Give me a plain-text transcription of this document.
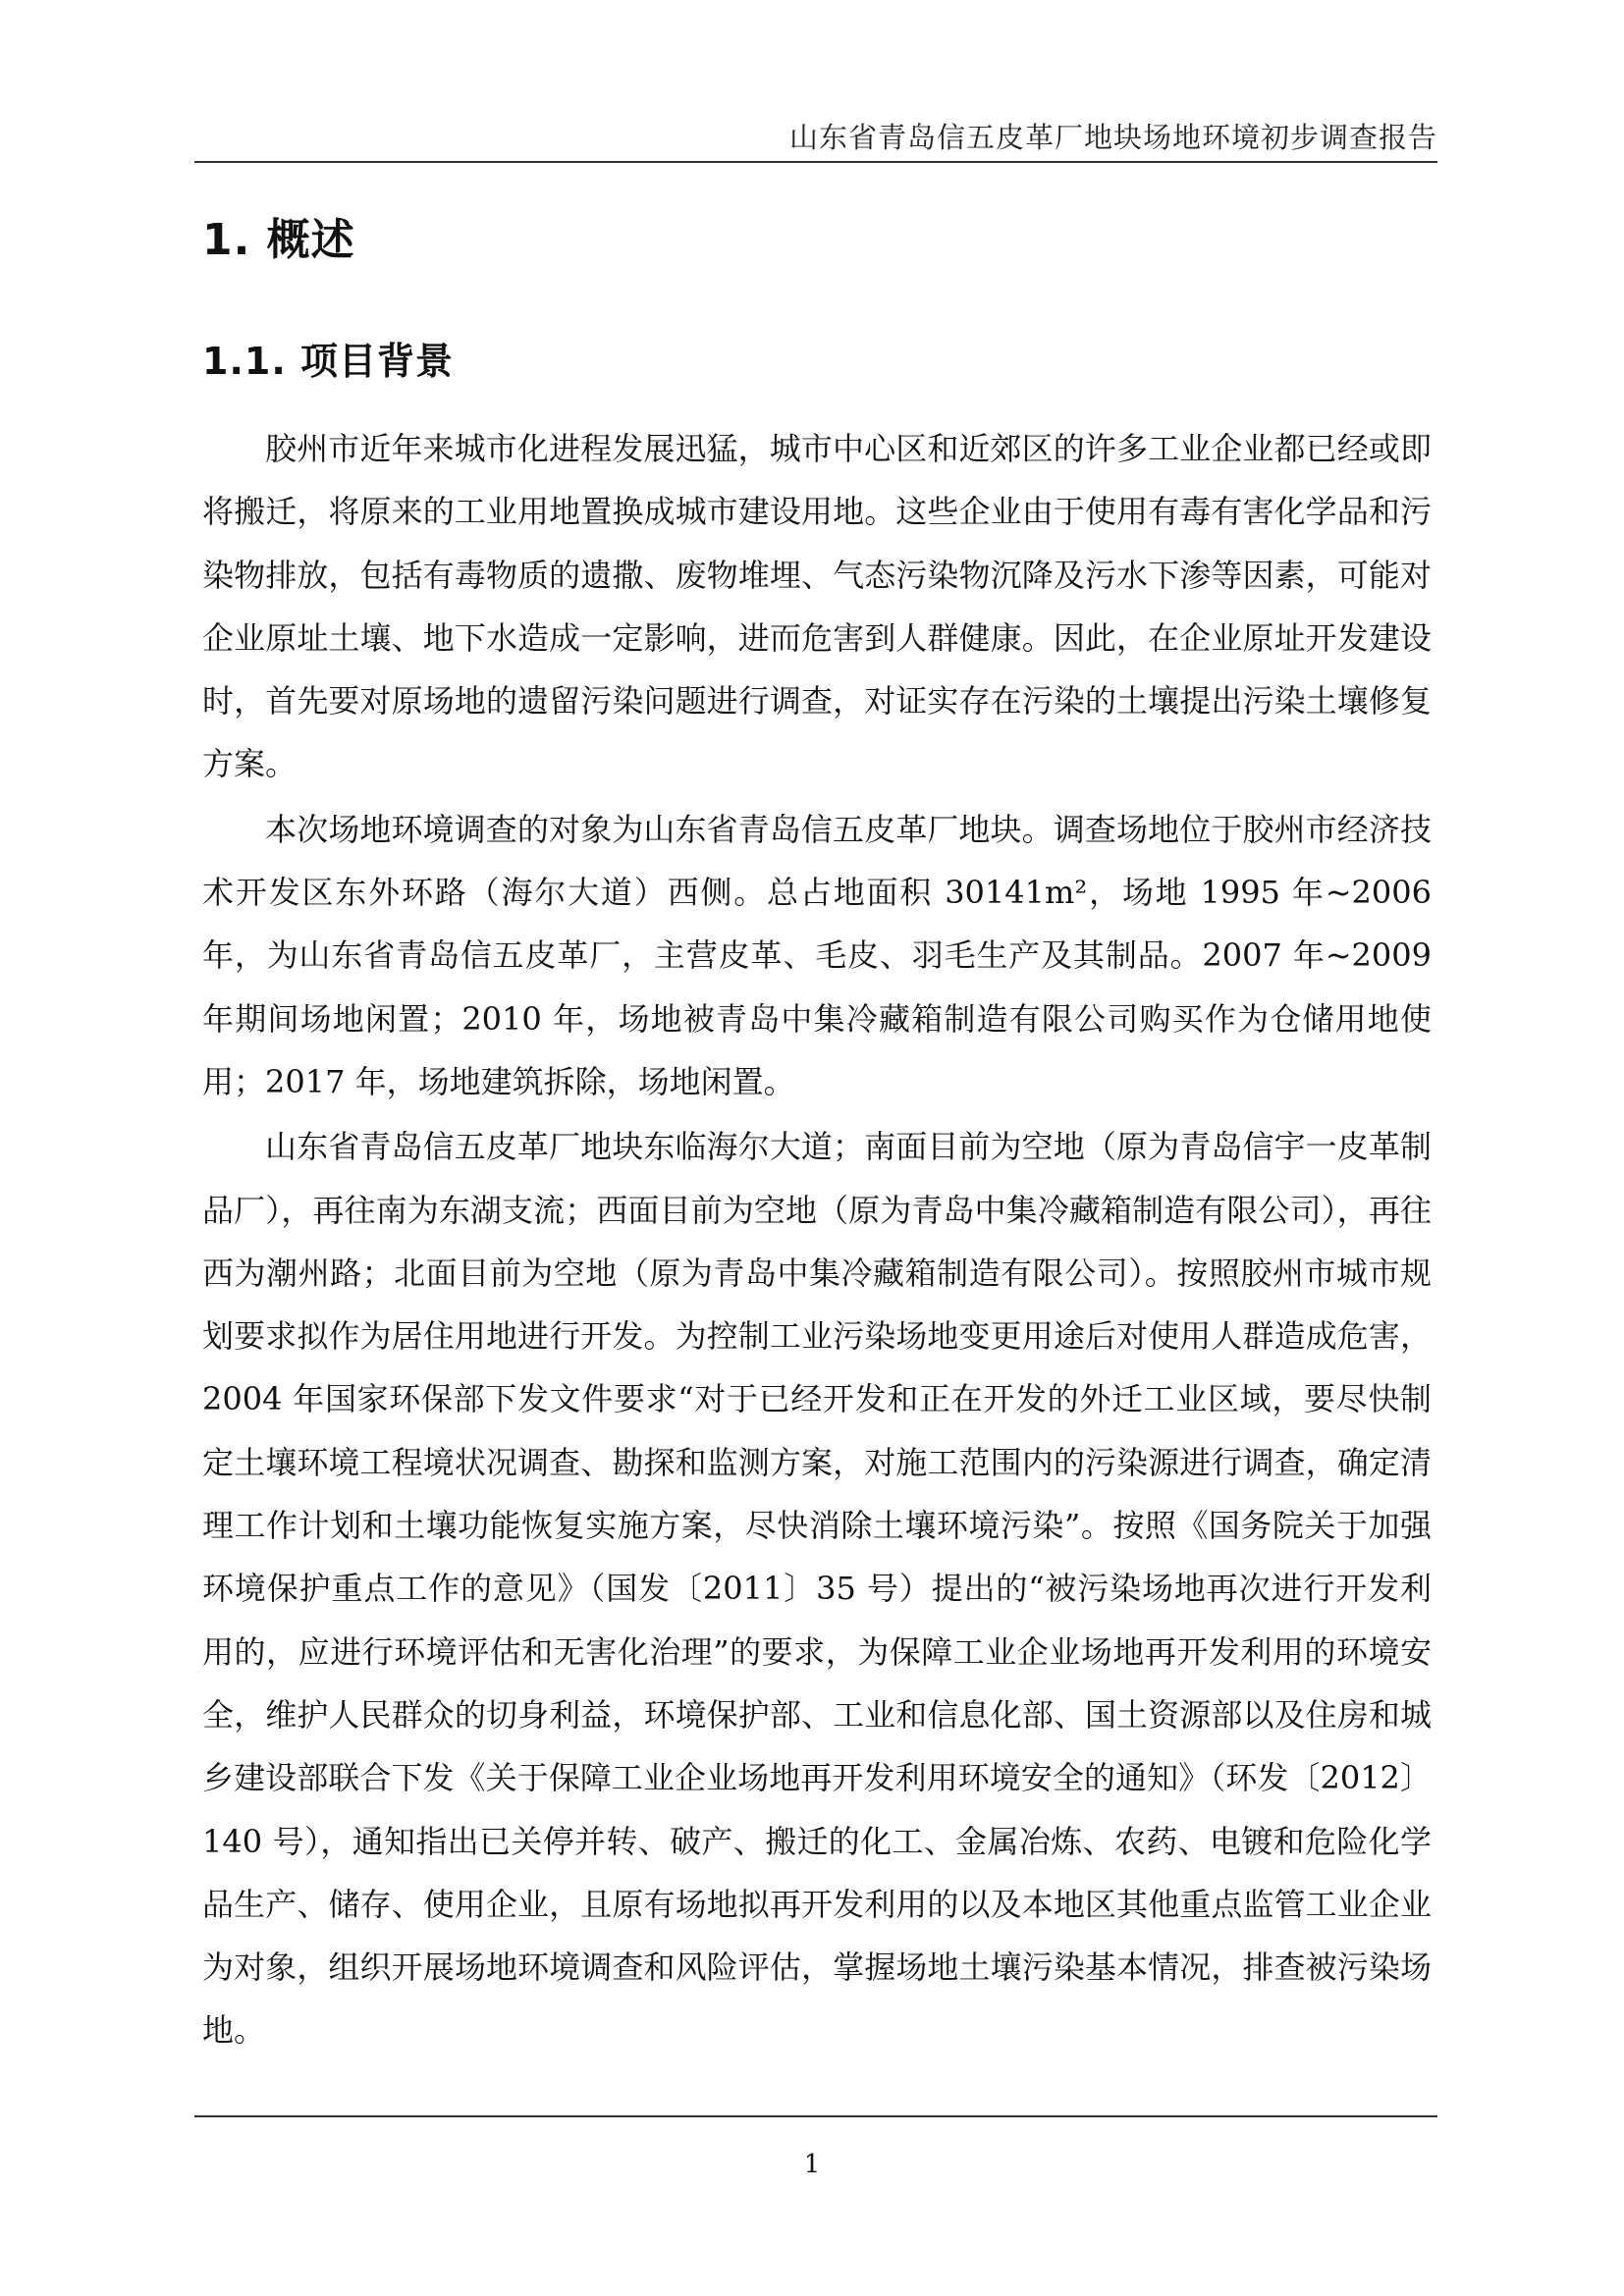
山东省青岛信五皮革厂地块场地环境初步调查报告
1. 概述
1.1. 项目背景

胶州市近年来城市化进程发展迅猛，城市中心区和近郊区的许多工业企业都已经或即将搬迁，将原来的工业用地置换成城市建设用地。这些企业由于使用有毒有害化学品和污染物排放，包括有毒物质的遗撒、废物堆埋、气态污染物沉降及污水下渗等因素，可能对企业原址土壤、地下水造成一定影响，进而危害到人群健康。因此，在企业原址开发建设时，首先要对原场地的遗留污染问题进行调查，对证实存在污染的土壤提出污染土壤修复方案。

本次场地环境调查的对象为山东省青岛信五皮革厂地块。调查场地位于胶州市经济技术开发区东外环路（海尔大道）西侧。总占地面积 30141m²，场地 1995 年~2006 年，为山东省青岛信五皮革厂，主营皮革、毛皮、羽毛生产及其制品。2007 年~2009 年期间场地闲置；2010 年，场地被青岛中集冷藏箱制造有限公司购买作为仓储用地使用；2017 年，场地建筑拆除，场地闲置。

山东省青岛信五皮革厂地块东临海尔大道；南面目前为空地（原为青岛信宇一皮革制品厂），再往南为东湖支流；西面目前为空地（原为青岛中集冷藏箱制造有限公司），再往西为潮州路；北面目前为空地（原为青岛中集冷藏箱制造有限公司）。按照胶州市城市规划要求拟作为居住用地进行开发。为控制工业污染场地变更用途后对使用人群造成危害，2004 年国家环保部下发文件要求“对于已经开发和正在开发的外迁工业区域，要尽快制定土壤环境工程境状况调查、勘探和监测方案，对施工范围内的污染源进行调查，确定清理工作计划和土壤功能恢复实施方案，尽快消除土壤环境污染”。按照《国务院关于加强环境保护重点工作的意见》（国发〔2011〕35 号）提出的“被污染场地再次进行开发利用的，应进行环境评估和无害化治理”的要求，为保障工业企业场地再开发利用的环境安全，维护人民群众的切身利益，环境保护部、工业和信息化部、国土资源部以及住房和城乡建设部联合下发《关于保障工业企业场地再开发利用环境安全的通知》（环发〔2012〕140 号），通知指出已关停并转、破产、搬迁的化工、金属冶炼、农药、电镀和危险化学品生产、储存、使用企业，且原有场地拟再开发利用的以及本地区其他重点监管工业企业为对象，组织开展场地环境调查和风险评估，掌握场地土壤污染基本情况，排查被污染场地。

1
